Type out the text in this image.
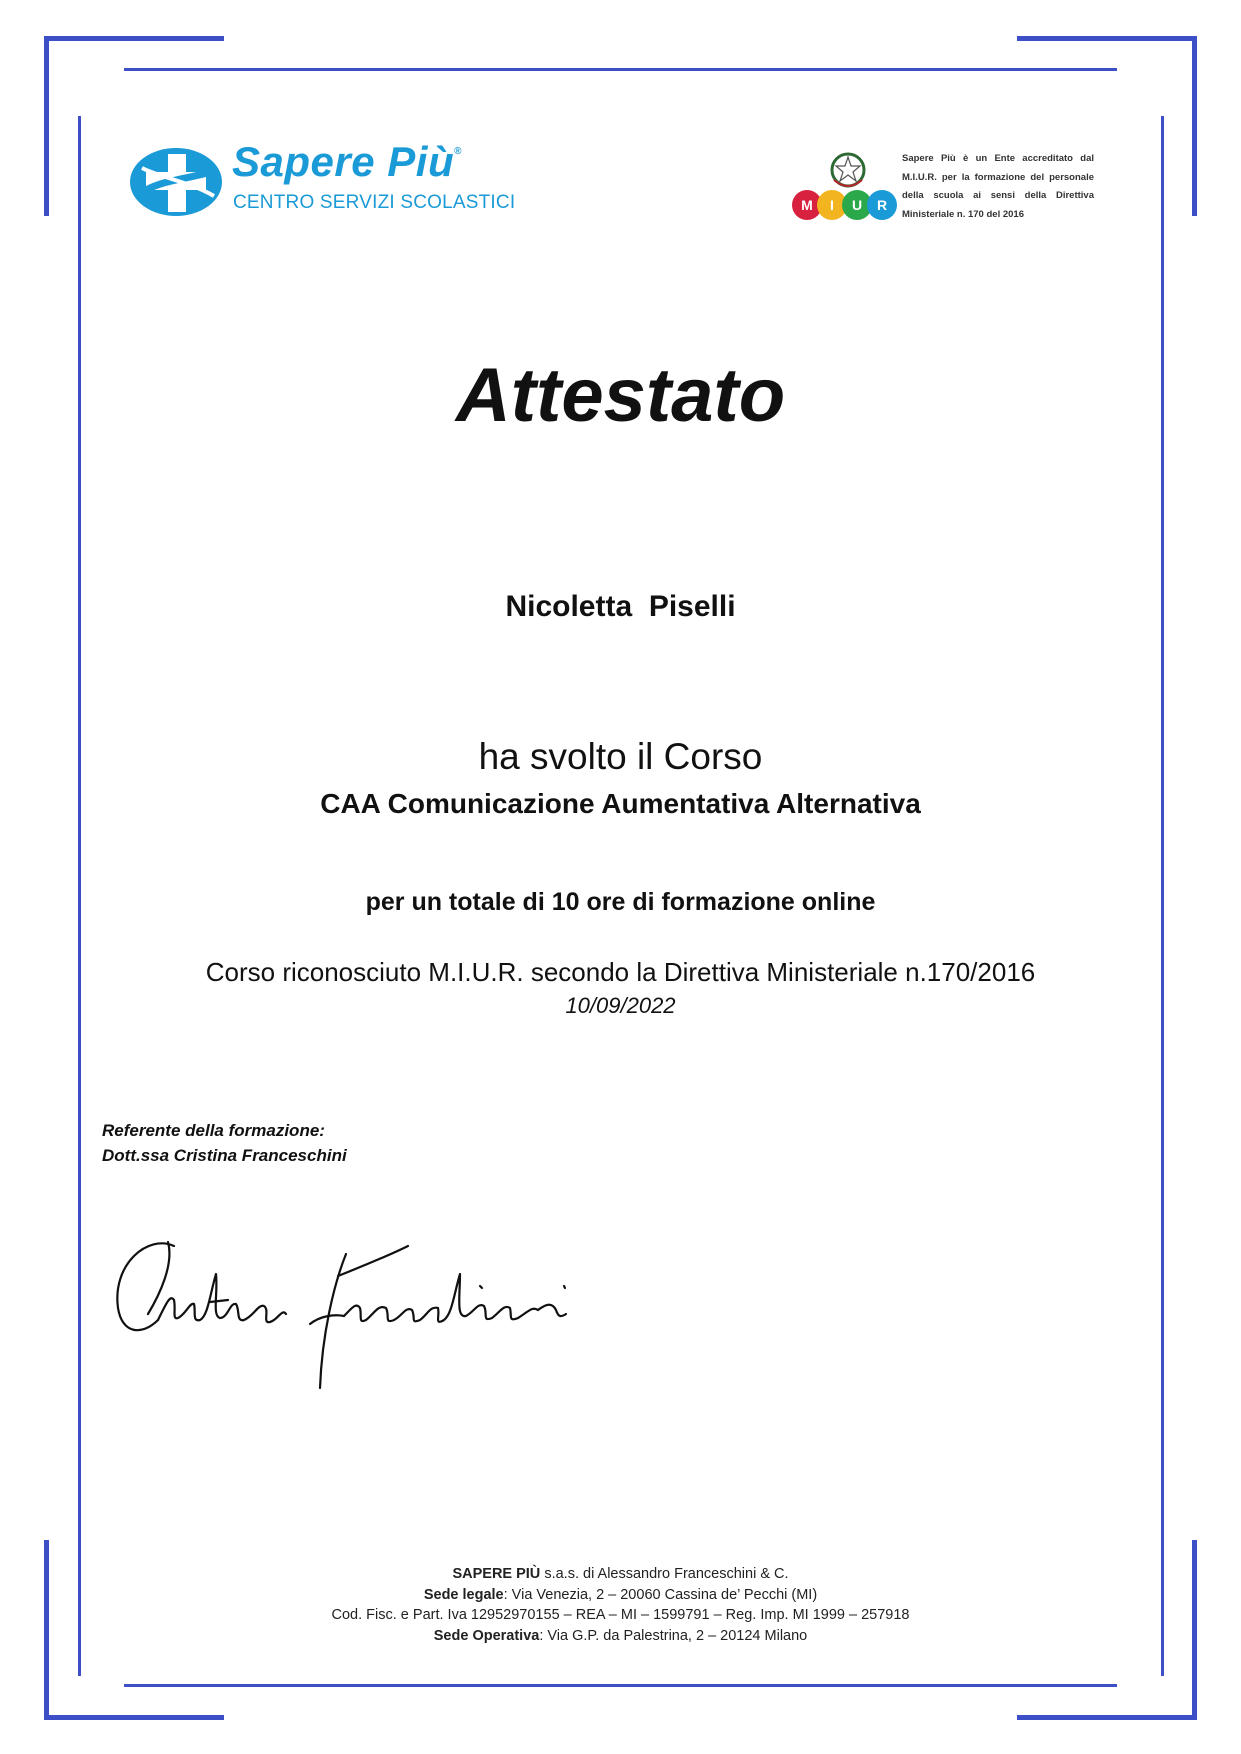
Sapere Più®
CENTRO SERVIZI SCOLASTICI	M I U R
Sapere Più è un Ente accreditato dal M.I.U.R. per la formazione del personale della scuola ai sensi della Direttiva Ministeriale n. 170 del 2016
Attestato
Nicoletta  Piselli
ha svolto il Corso
CAA Comunicazione Aumentativa Alternativa
per un totale di 10 ore di formazione online
Corso riconosciuto M.I.U.R. secondo la Direttiva Ministeriale n.170/2016
10/09/2022
Referente della formazione:
Dott.ssa Cristina Franceschini
SAPERE PIÙ s.a.s. di Alessandro Franceschini & C.
Sede legale: Via Venezia, 2 – 20060 Cassina de’ Pecchi (MI)
Cod. Fisc. e Part. Iva 12952970155 – REA – MI – 1599791 – Reg. Imp. MI 1999 – 257918
Sede Operativa: Via G.P. da Palestrina, 2 – 20124 Milano
